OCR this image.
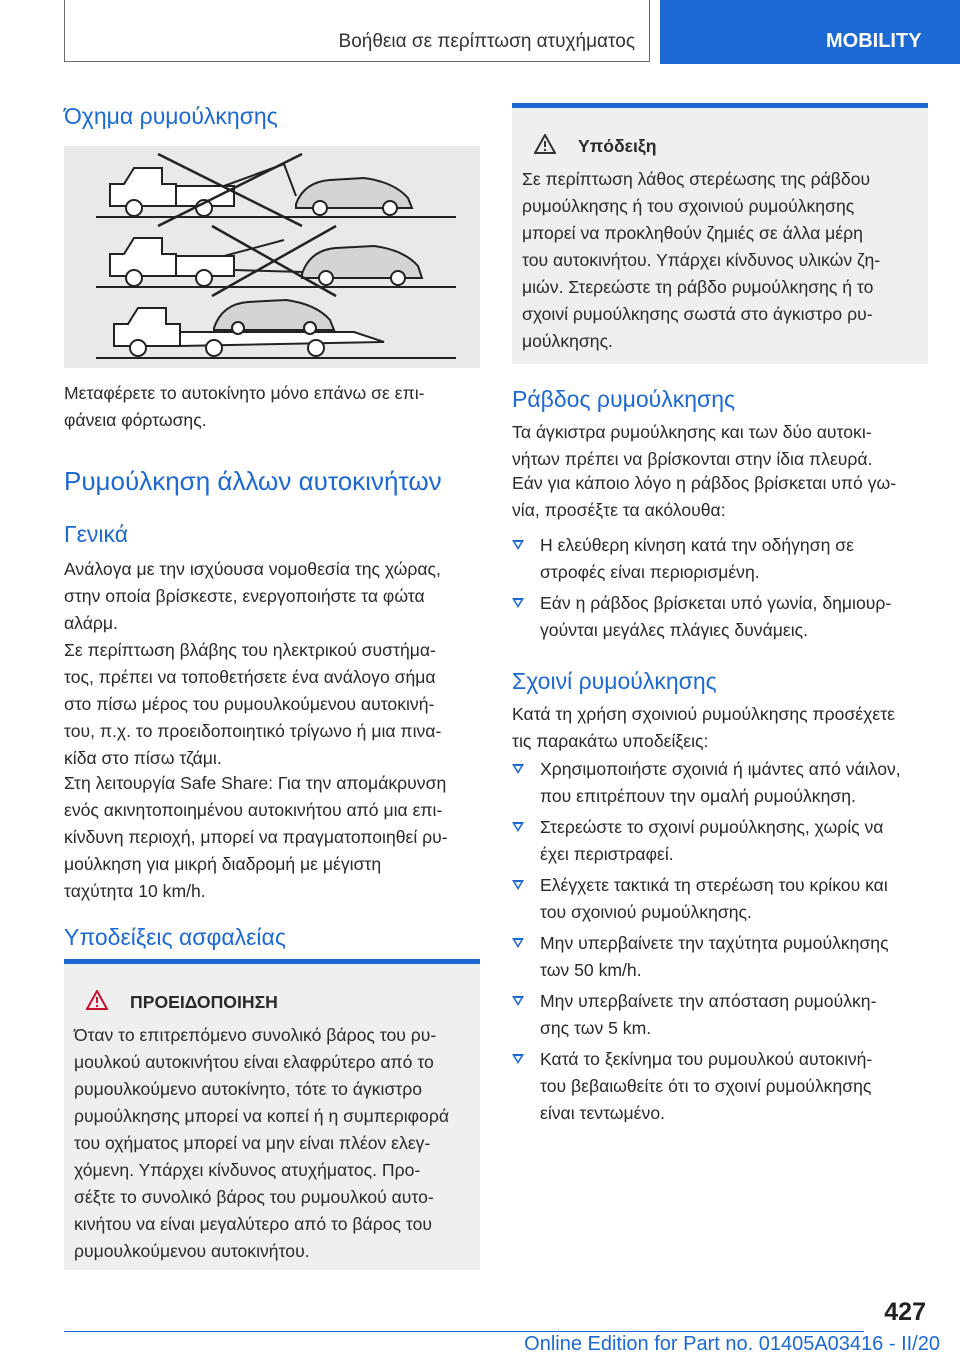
Βοήθεια σε περίπτωση ατυχήματος	MOBILITY
Όχημα ρυμούλκησης

Μεταφέρετε το αυτοκίνητο μόνο επάνω σε επι‐
φάνεια φόρτωσης.

Ρυμούλκηση άλλων αυτοκινήτων
Γενικά

Ανάλογα με την ισχύουσα νομοθεσία της χώρας,
στην οποία βρίσκεστε, ενεργοποιήστε τα φώτα
αλάρμ.

Σε περίπτωση βλάβης του ηλεκτρικού συστήμα‐
τος, πρέπει να τοποθετήσετε ένα ανάλογο σήμα
στο πίσω μέρος του ρυμουλκούμενου αυτοκινή‐
του, π.χ. το προειδοποιητικό τρίγωνο ή μια πινα‐
κίδα στο πίσω τζάμι.

Στη λειτουργία Safe Share: Για την απομάκρυνση
ενός ακινητοποιημένου αυτοκινήτου από μια επι‐
κίνδυνη περιοχή, μπορεί να πραγματοποιηθεί ρυ‐
μούλκηση για μικρή διαδρομή με μέγιστη
ταχύτητα 10 km/h.

Υποδείξεις ασφαλείας
ΠΡΟΕΙΔΟΠΟΙΗΣΗ

Όταν το επιτρεπόμενο συνολικό βάρος του ρυ‐
μουλκού αυτοκινήτου είναι ελαφρύτερο από το
ρυμουλκούμενο αυτοκίνητο, τότε το άγκιστρο
ρυμούλκησης μπορεί να κοπεί ή η συμπεριφορά
του οχήματος μπορεί να μην είναι πλέον ελεγ‐
χόμενη. Υπάρχει κίνδυνος ατυχήματος. Προ‐
σέξτε το συνολικό βάρος του ρυμουλκού αυτο‐
κινήτου να είναι μεγαλύτερο από το βάρος του
ρυμουλκούμενου αυτοκινήτου.

Υπόδειξη

Σε περίπτωση λάθος στερέωσης της ράβδου
ρυμούλκησης ή του σχοινιού ρυμούλκησης
μπορεί να προκληθούν ζημιές σε άλλα μέρη
του αυτοκινήτου. Υπάρχει κίνδυνος υλικών ζη‐
μιών. Στερεώστε τη ράβδο ρυμούλκησης ή το
σχοινί ρυμούλκησης σωστά στο άγκιστρο ρυ‐
μούλκησης.

Ράβδος ρυμούλκησης

Τα άγκιστρα ρυμούλκησης και των δύο αυτοκι‐
νήτων πρέπει να βρίσκονται στην ίδια πλευρά.

Εάν για κάποιο λόγο η ράβδος βρίσκεται υπό γω‐
νία, προσέξτε τα ακόλουθα:

Η ελεύθερη κίνηση κατά την οδήγηση σε
στροφές είναι περιορισμένη.
Εάν η ράβδος βρίσκεται υπό γωνία, δημιουρ‐
γούνται μεγάλες πλάγιες δυνάμεις.
Σχοινί ρυμούλκησης

Κατά τη χρήση σχοινιού ρυμούλκησης προσέχετε
τις παρακάτω υποδείξεις:

Χρησιμοποιήστε σχοινιά ή ιμάντες από νάιλον,
που επιτρέπουν την ομαλή ρυμούλκηση.
Στερεώστε το σχοινί ρυμούλκησης, χωρίς να
έχει περιστραφεί.
Ελέγχετε τακτικά τη στερέωση του κρίκου και
του σχοινιού ρυμούλκησης.
Μην υπερβαίνετε την ταχύτητα ρυμούλκησης
των 50 km/h.
Μην υπερβαίνετε την απόσταση ρυμούλκη‐
σης των 5 km.
Κατά το ξεκίνημα του ρυμουλκού αυτοκινή‐
του βεβαιωθείτε ότι το σχοινί ρυμούλκησης
είναι τεντωμένο.
427
Online Edition for Part no. 01405A03416 - II/20
